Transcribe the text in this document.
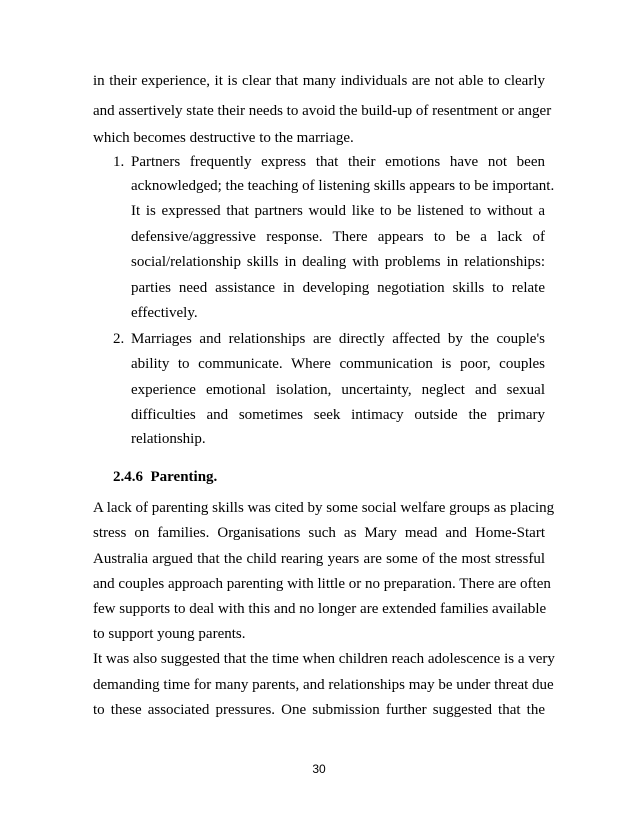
in their experience, it is clear that many individuals are not able to clearly
and assertively state their needs to avoid the build-up of resentment or anger
which becomes destructive to the marriage.
1. Partners frequently express that their emotions have not been
acknowledged; the teaching of listening skills appears to be important.
It is expressed that partners would like to be listened to without a
defensive/aggressive response. There appears to be a lack of
social/relationship skills in dealing with problems in relationships:
parties need assistance in developing negotiation skills to relate
effectively.
2. Marriages and relationships are directly affected by the couple's
ability to communicate. Where communication is poor, couples
experience emotional isolation, uncertainty, neglect and sexual
difficulties and sometimes seek intimacy outside the primary
relationship.
2.4.6  Parenting.
A lack of parenting skills was cited by some social welfare groups as placing
stress on families. Organisations such as Mary mead and Home-Start
Australia argued that the child rearing years are some of the most stressful
and couples approach parenting with little or no preparation. There are often
few supports to deal with this and no longer are extended families available
to support young parents.
It was also suggested that the time when children reach adolescence is a very
demanding time for many parents, and relationships may be under threat due
to these associated pressures. One submission further suggested that the
30
